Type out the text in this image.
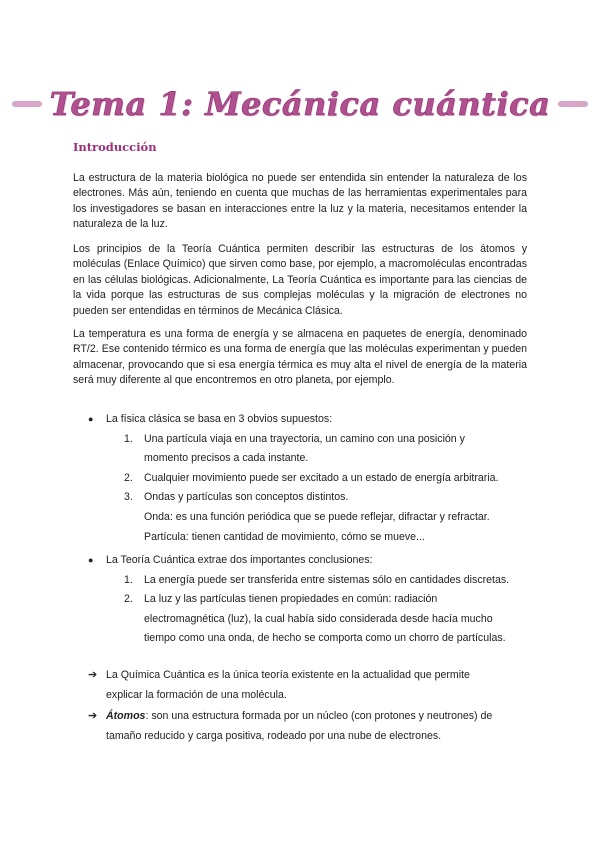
Tema 1: Mecánica cuántica
Introducción

La estructura de la materia biológica no puede ser entendida sin entender la naturaleza de los electrones. Más aún, teniendo en cuenta que muchas de las herramientas experimentales para los investigadores se basan en interacciones entre la luz y la materia, necesitamos entender la naturaleza de la luz.

Los principios de la Teoría Cuántica permiten describir las estructuras de los átomos y moléculas (Enlace Químico) que sirven como base, por ejemplo, a macromoléculas encontradas en las células biológicas. Adicionalmente, La Teoría Cuántica es importante para las ciencias de la vida porque las estructuras de sus complejas moléculas y la migración de electrones no pueden ser entendidas en términos de Mecánica Clásica.

La temperatura es una forma de energía y se almacena en paquetes de energía, denominado RT/2. Ese contenido térmico es una forma de energía que las moléculas experimentan y pueden almacenar, provocando que si esa energía térmica es muy alta el nivel de energía de la materia será muy diferente al que encontremos en otro planeta, por ejemplo.

● La física clásica se basa en 3 obvios supuestos:
1. Una partícula viaja en una trayectoria, un camino con una posición y
momento precisos a cada instante.
2. Cualquier movimiento puede ser excitado a un estado de energía arbitraria.
3. Ondas y partículas son conceptos distintos.
Onda: es una función periódica que se puede reflejar, difractar y refractar.
Partícula: tienen cantidad de movimiento, cómo se mueve...
● La Teoría Cuántica extrae dos importantes conclusiones:
1. La energía puede ser transferida entre sistemas sólo en cantidades discretas.
2. La luz y las partículas tienen propiedades en común: radiación
electromagnética (luz), la cual había sido considerada desde hacía mucho
tiempo como una onda, de hecho se comporta como un chorro de partículas.
➔ La Química Cuántica es la única teoría existente en la actualidad que permite
explicar la formación de una molécula.
➔ Átomos: son una estructura formada por un núcleo (con protones y neutrones) de
tamaño reducido y carga positiva, rodeado por una nube de electrones.
